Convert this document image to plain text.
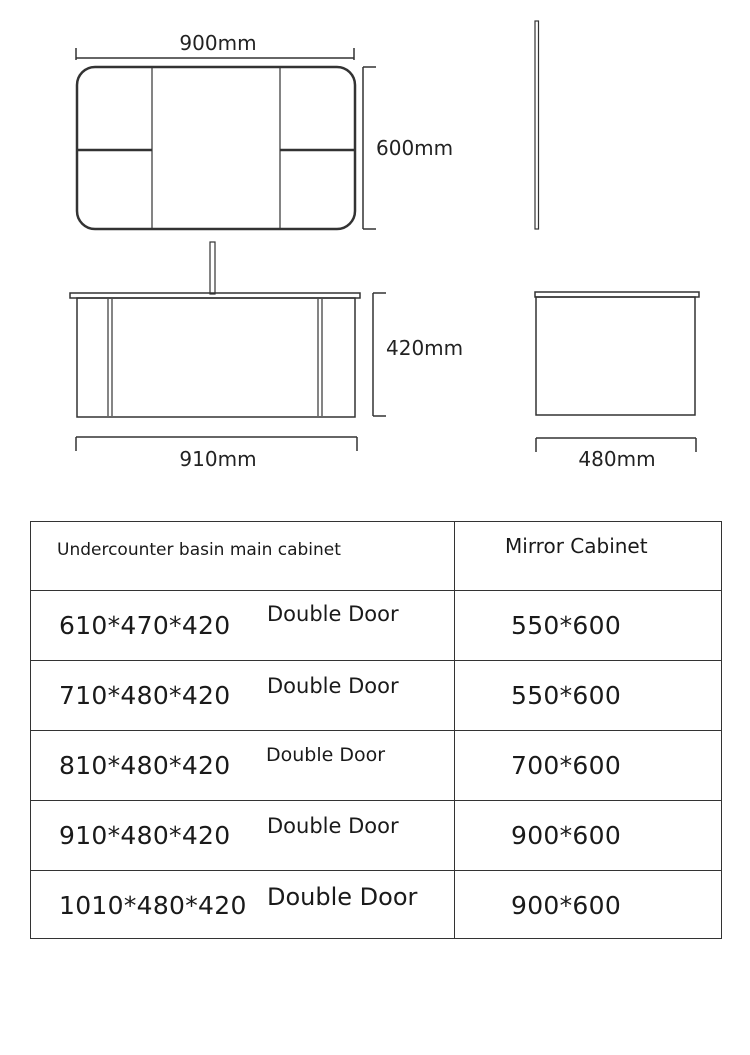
900mm
600mm
420mm
910mm	480mm
Undercounter basin main cabinet	Mirror Cabinet
610*470*420 Double Door	550*600
710*480*420 Double Door	550*600
810*480*420 Double Door	700*600
910*480*420 Double Door	900*600
1010*480*420 Double Door	900*600
